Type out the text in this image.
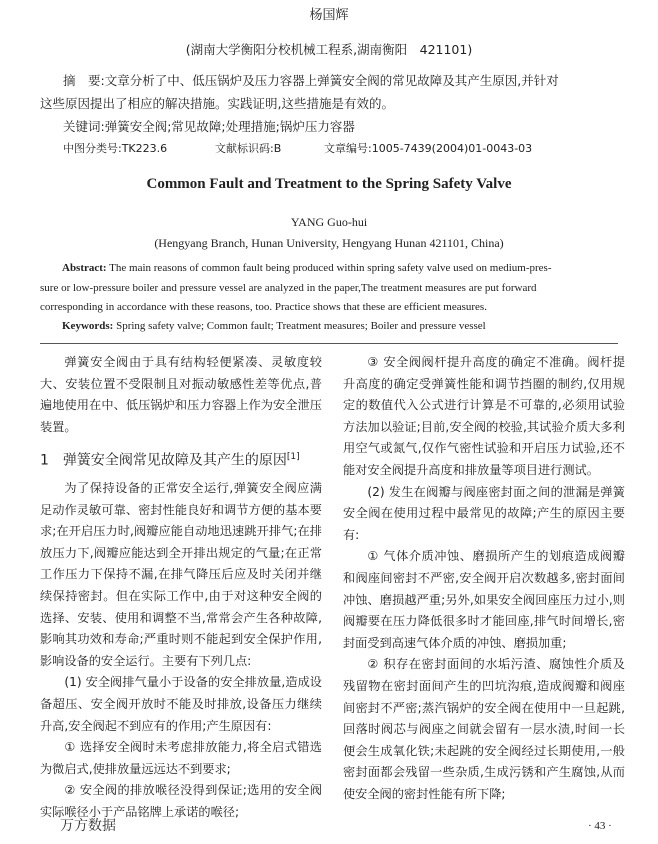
杨国辉
(湖南大学衡阳分校机械工程系,湖南衡阳　421101)
摘　要:文章分析了中、低压锅炉及压力容器上弹簧安全阀的常见故障及其产生原因,并针对
这些原因提出了相应的解决措施。实践证明,这些措施是有效的。
关键词:弹簧安全阀;常见故障;处理措施;锅炉压力容器
中图分类号:TK223.6	文献标识码:B	文章编号:1005-7439(2004)01-0043-03
Common Fault and Treatment to the Spring Safety Valve
YANG Guo-hui
(Hengyang Branch, Hunan University, Hengyang Hunan 421101, China)
Abstract: The main reasons of common fault being produced within spring safety valve used on medium-pres-
sure or low-pressure boiler and pressure vessel are analyzed in the paper,The treatment measures are put forward
corresponding in accordance with these reasons, too. Practice shows that these are efficient measures.
Keywords: Spring safety valve; Common fault; Treatment measures; Boiler and pressure vessel

弹簧安全阀由于具有结构轻便紧凑、灵敏度较大、安装位置不受限制且对振动敏感性差等优点,普遍地使用在中、低压锅炉和压力容器上作为安全泄压装置。

1　弹簧安全阀常见故障及其产生的原因[1]

为了保持设备的正常安全运行,弹簧安全阀应满足动作灵敏可靠、密封性能良好和调节方便的基本要求;在开启压力时,阀瓣应能自动地迅速跳开排气;在排放压力下,阀瓣应能达到全开排出规定的气量;在正常工作压力下保持不漏,在排气降压后应及时关闭并继续保持密封。但在实际工作中,由于对这种安全阀的选择、安装、使用和调整不当,常常会产生各种故障,影响其功效和寿命;严重时则不能起到安全保护作用,影响设备的安全运行。主要有下列几点:

(1) 安全阀排气量小于设备的安全排放量,造成设备超压、安全阀开放时不能及时排放,设备压力继续升高,安全阀起不到应有的作用;产生原因有:

① 选择安全阀时未考虑排放能力,将全启式错选为微启式,使排放量远远达不到要求;

② 安全阀的排放喉径没得到保证;选用的安全阀实际喉径小于产品铭牌上承诺的喉径;

③ 安全阀阀杆提升高度的确定不准确。阀杆提升高度的确定受弹簧性能和调节挡圈的制约,仅用规定的数值代入公式进行计算是不可靠的,必须用试验方法加以验证;目前,安全阀的校验,其试验介质大多利用空气或氮气,仅作气密性试验和开启压力试验,还不能对安全阀提升高度和排放量等项目进行测试。

(2) 发生在阀瓣与阀座密封面之间的泄漏是弹簧安全阀在使用过程中最常见的故障;产生的原因主要有:

① 气体介质冲蚀、磨损所产生的划痕造成阀瓣和阀座间密封不严密,安全阀开启次数越多,密封面间冲蚀、磨损越严重;另外,如果安全阀回座压力过小,则阀瓣要在压力降低很多时才能回座,排气时间增长,密封面受到高速气体介质的冲蚀、磨损加重;

② 积存在密封面间的水垢污渣、腐蚀性介质及残留物在密封面间产生的凹坑沟痕,造成阀瓣和阀座间密封不严密;蒸汽锅炉的安全阀在使用中一旦起跳,回落时阀芯与阀座之间就会留有一层水渍,时间一长便会生成氧化铁;未起跳的安全阀经过长期使用,一般密封面都会残留一些杂质,生成污锈和产生腐蚀,从而使安全阀的密封性能有所下降;

万方数据	· 43 ·
